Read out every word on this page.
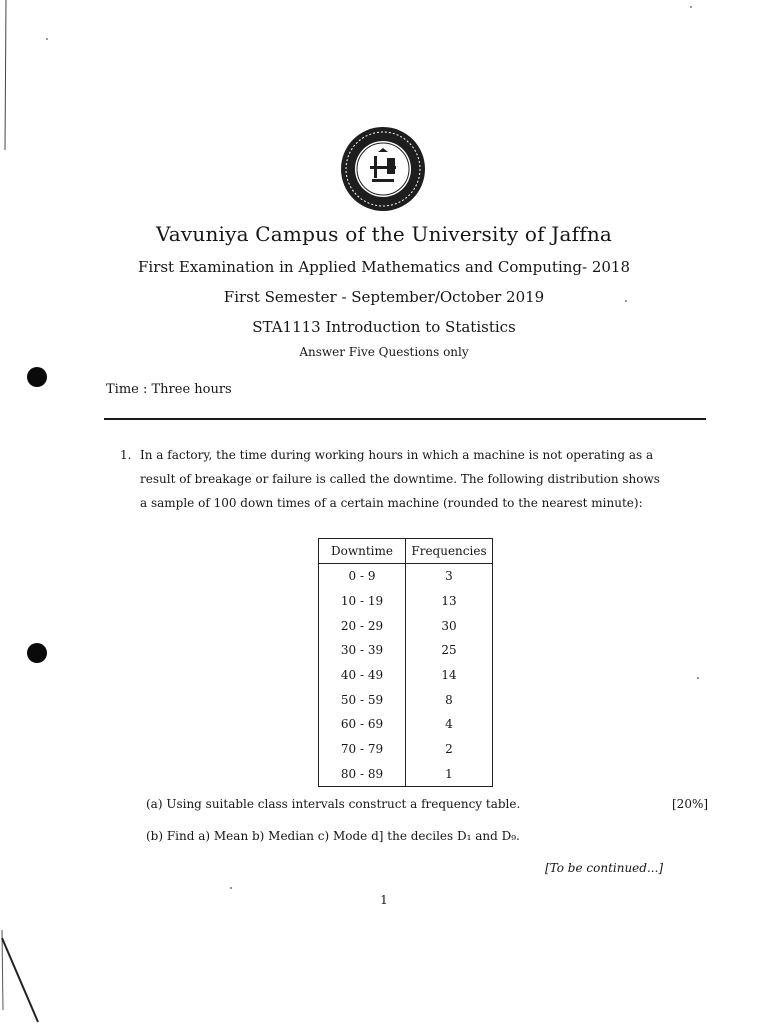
Vavuniya Campus of the University of Jaffna
First Examination in Applied Mathematics and Computing- 2018
First Semester - September/October 2019
STA1113 Introduction to Statistics
Answer Five Questions only
Time : Three hours
1. In a factory, the time during working hours in which a machine is not operating as a
result of breakage or failure is called the downtime. The following distribution shows
a sample of 100 down times of a certain machine (rounded to the nearest minute):
Downtime	Frequencies
0 - 9	3
10 - 19	13
20 - 29	30
30 - 39	25
40 - 49	14
50 - 59	8
60 - 69	4
70 - 79	2
80 - 89	1
(a) Using suitable class intervals construct a frequency table.	[20%]
(b) Find a) Mean b) Median c) Mode d] the deciles D₁ and D₉.
[To be continued...]
1
